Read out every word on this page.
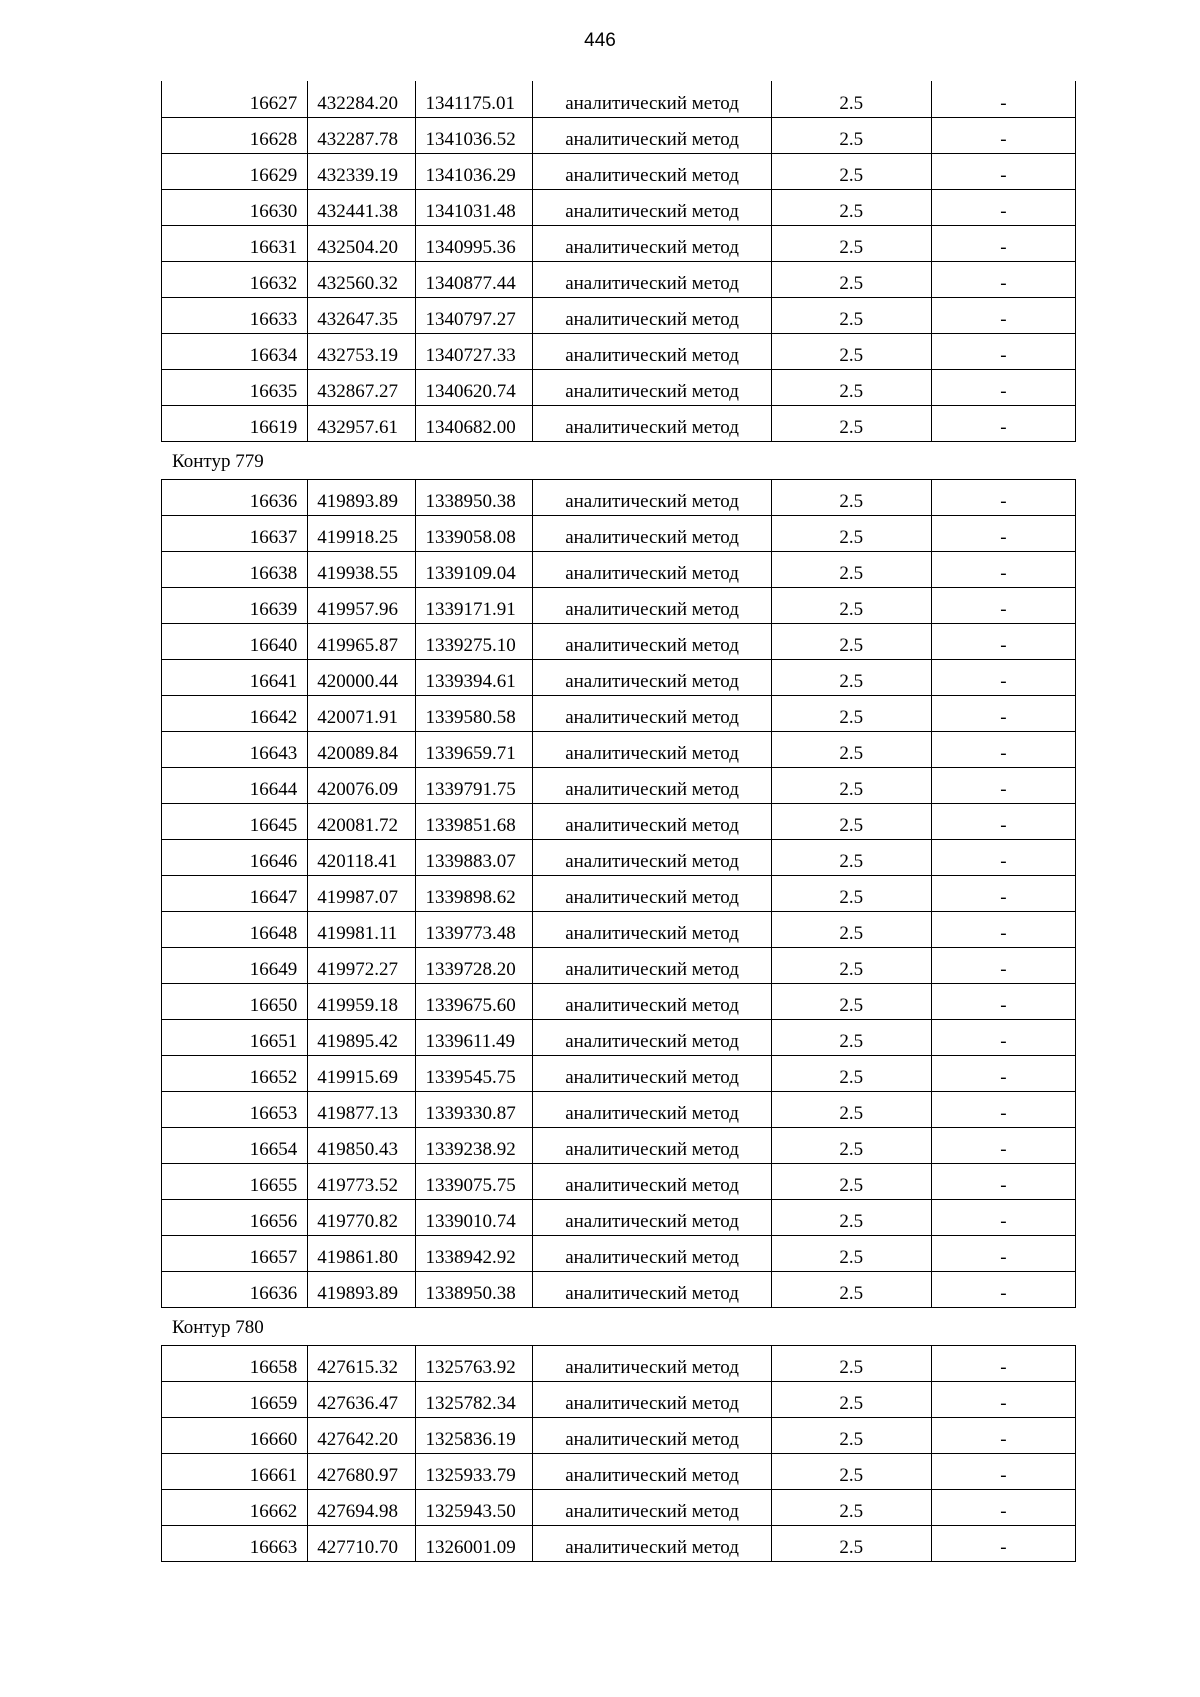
446
16627	432284.20	1341175.01	аналитический метод	2.5	-
16628	432287.78	1341036.52	аналитический метод	2.5	-
16629	432339.19	1341036.29	аналитический метод	2.5	-
16630	432441.38	1341031.48	аналитический метод	2.5	-
16631	432504.20	1340995.36	аналитический метод	2.5	-
16632	432560.32	1340877.44	аналитический метод	2.5	-
16633	432647.35	1340797.27	аналитический метод	2.5	-
16634	432753.19	1340727.33	аналитический метод	2.5	-
16635	432867.27	1340620.74	аналитический метод	2.5	-
16619	432957.61	1340682.00	аналитический метод	2.5	-
Контур 779
16636	419893.89	1338950.38	аналитический метод	2.5	-
16637	419918.25	1339058.08	аналитический метод	2.5	-
16638	419938.55	1339109.04	аналитический метод	2.5	-
16639	419957.96	1339171.91	аналитический метод	2.5	-
16640	419965.87	1339275.10	аналитический метод	2.5	-
16641	420000.44	1339394.61	аналитический метод	2.5	-
16642	420071.91	1339580.58	аналитический метод	2.5	-
16643	420089.84	1339659.71	аналитический метод	2.5	-
16644	420076.09	1339791.75	аналитический метод	2.5	-
16645	420081.72	1339851.68	аналитический метод	2.5	-
16646	420118.41	1339883.07	аналитический метод	2.5	-
16647	419987.07	1339898.62	аналитический метод	2.5	-
16648	419981.11	1339773.48	аналитический метод	2.5	-
16649	419972.27	1339728.20	аналитический метод	2.5	-
16650	419959.18	1339675.60	аналитический метод	2.5	-
16651	419895.42	1339611.49	аналитический метод	2.5	-
16652	419915.69	1339545.75	аналитический метод	2.5	-
16653	419877.13	1339330.87	аналитический метод	2.5	-
16654	419850.43	1339238.92	аналитический метод	2.5	-
16655	419773.52	1339075.75	аналитический метод	2.5	-
16656	419770.82	1339010.74	аналитический метод	2.5	-
16657	419861.80	1338942.92	аналитический метод	2.5	-
16636	419893.89	1338950.38	аналитический метод	2.5	-
Контур 780
16658	427615.32	1325763.92	аналитический метод	2.5	-
16659	427636.47	1325782.34	аналитический метод	2.5	-
16660	427642.20	1325836.19	аналитический метод	2.5	-
16661	427680.97	1325933.79	аналитический метод	2.5	-
16662	427694.98	1325943.50	аналитический метод	2.5	-
16663	427710.70	1326001.09	аналитический метод	2.5	-
